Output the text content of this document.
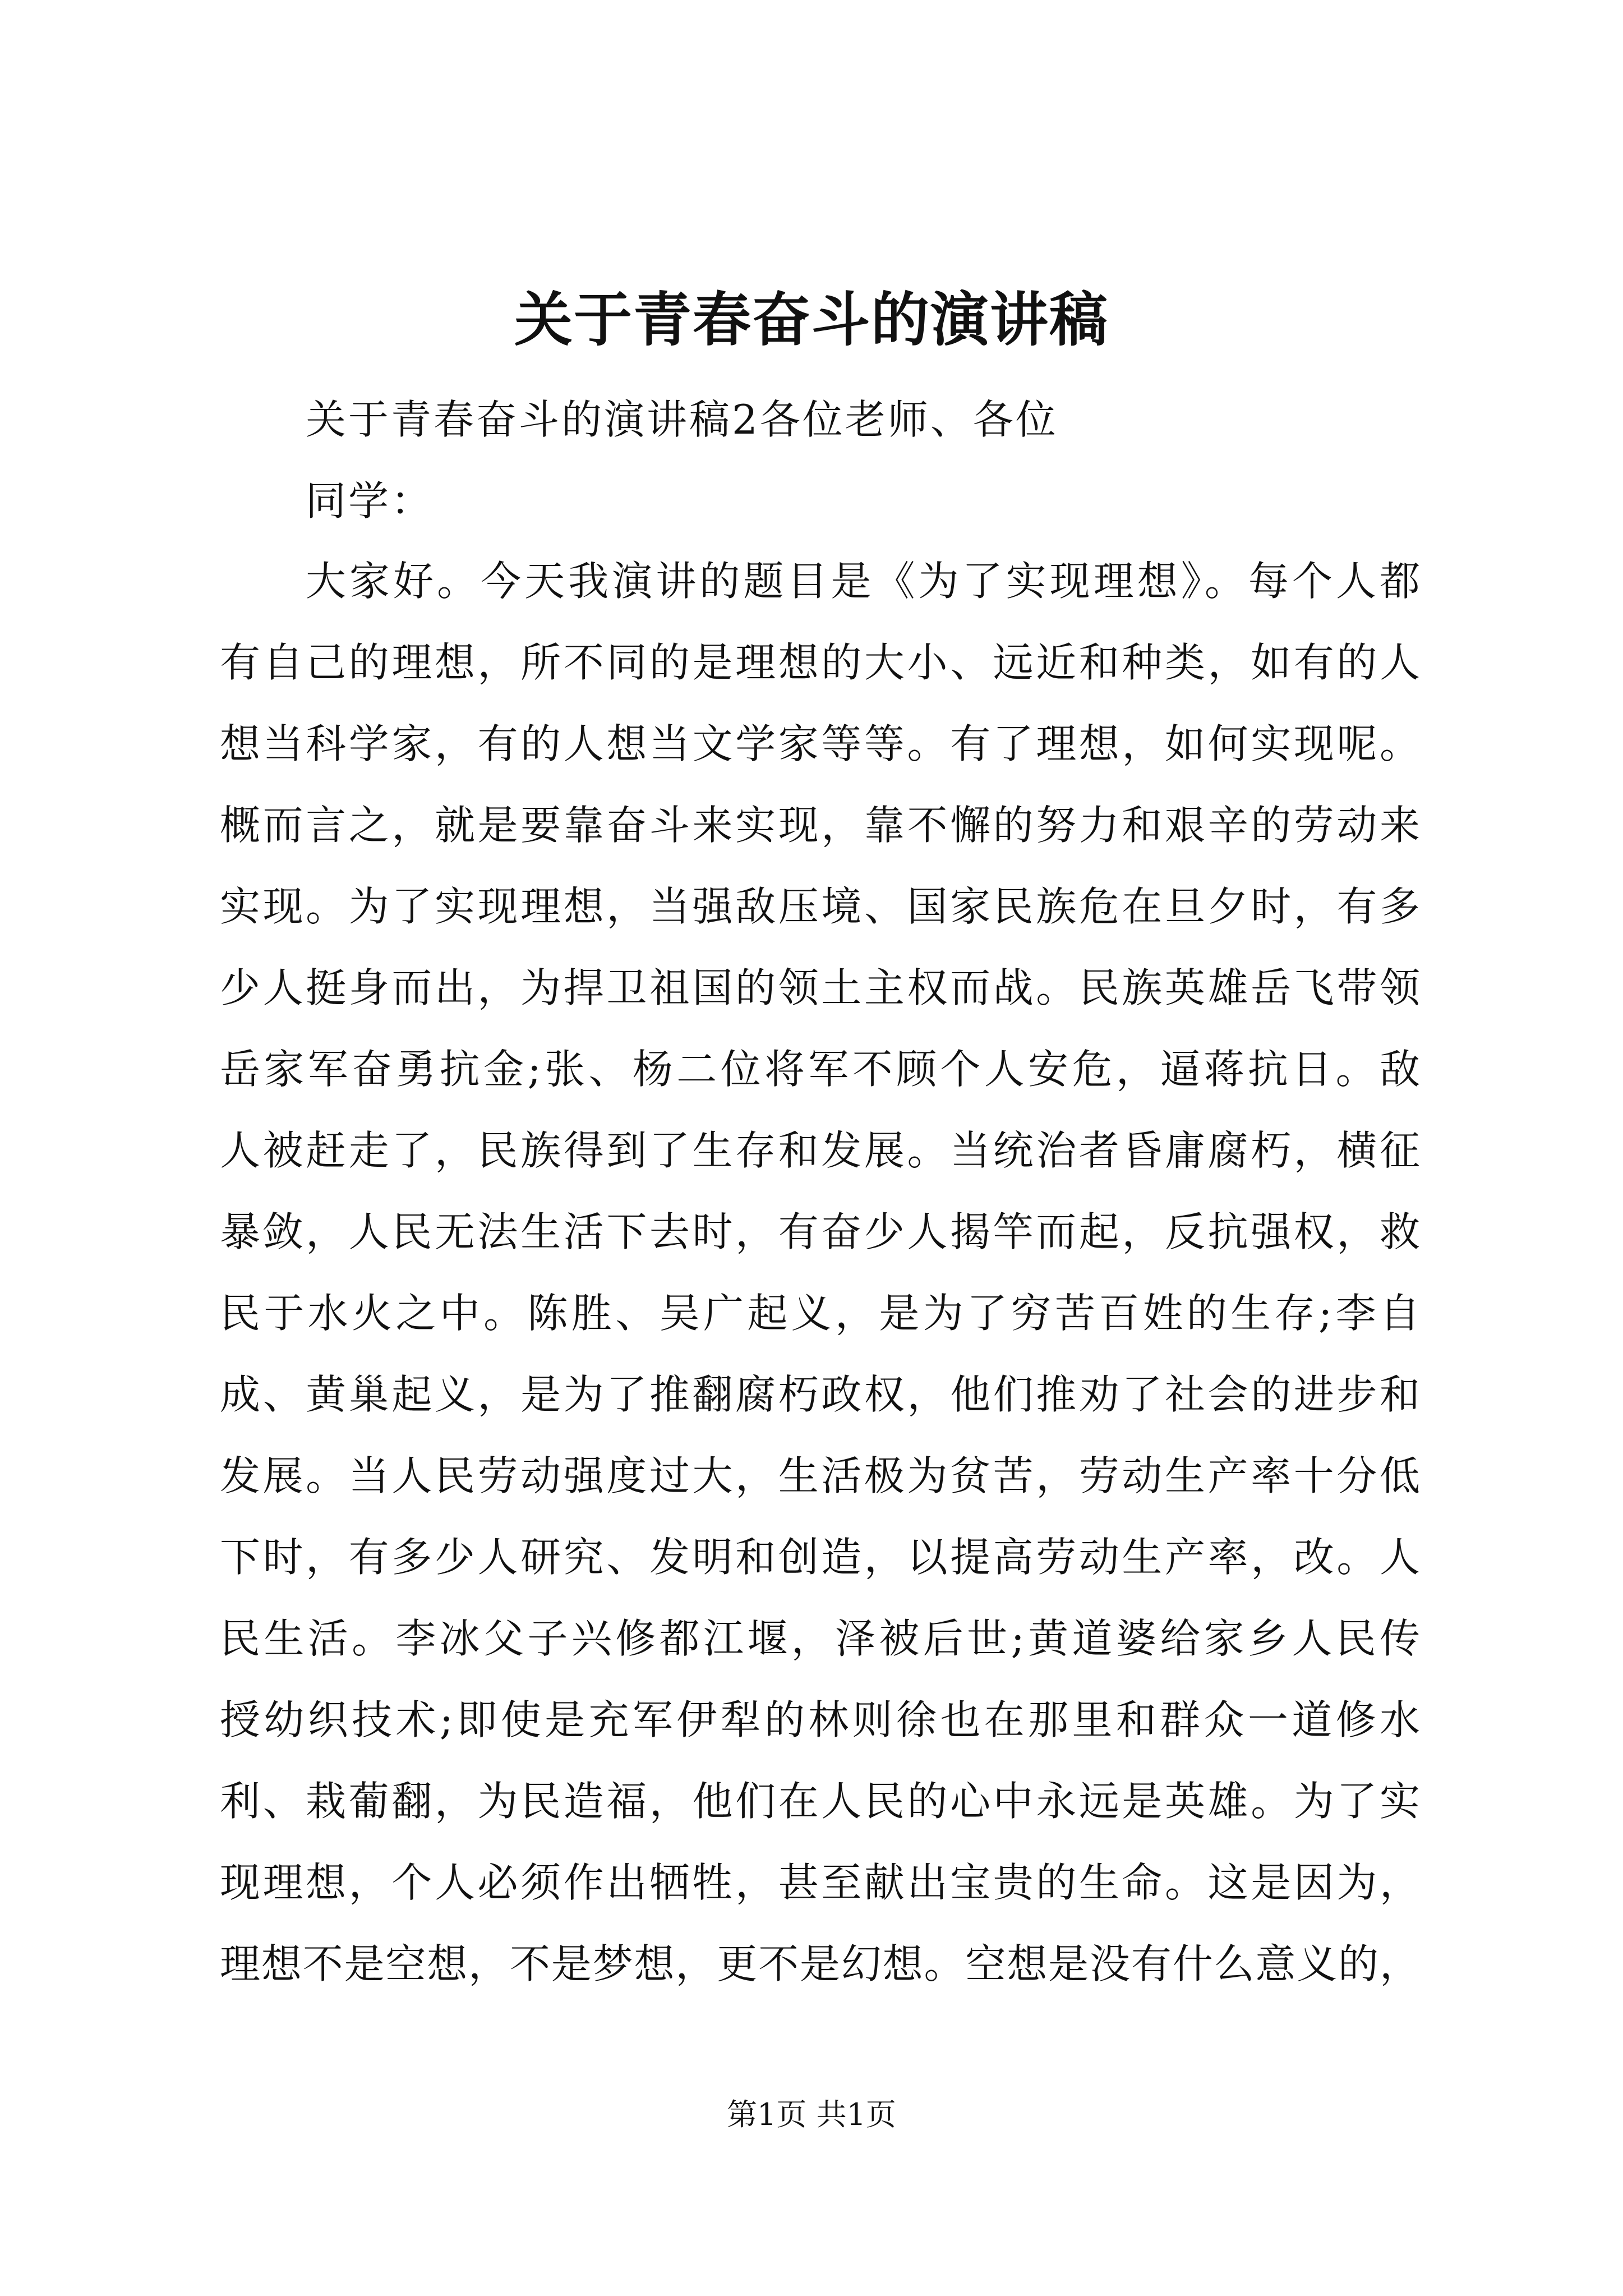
关于青春奋斗的演讲稿
关于青春奋斗的演讲稿2各位老师、各位
同学：
大家好。今天我演讲的题目是《为了实现理想》。每个人都
有自己的理想，所不同的是理想的大小、远近和种类，如有的人
想当科学家，有的人想当文学家等等。有了理想，如何实现呢。
概而言之，就是要靠奋斗来实现，靠不懈的努力和艰辛的劳动来
实现。为了实现理想，当强敌压境、国家民族危在旦夕时，有多
少人挺身而出，为捍卫祖国的领土主权而战。民族英雄岳飞带领
岳家军奋勇抗金;张、杨二位将军不顾个人安危，逼蒋抗日。敌
人被赶走了，民族得到了生存和发展。当统治者昏庸腐朽，横征
暴敛，人民无法生活下去时，有奋少人揭竿而起，反抗强权，救
民于水火之中。陈胜、吴广起义，是为了穷苦百姓的生存;李自
成、黄巢起义，是为了推翻腐朽政权，他们推劝了社会的进步和
发展。当人民劳动强度过大，生活极为贫苦，劳动生产率十分低
下时，有多少人研究、发明和创造，以提高劳动生产率，改。人
民生活。李冰父子兴修都江堰，泽被后世;黄道婆给家乡人民传
授幼织技术;即使是充军伊犁的林则徐也在那里和群众一道修水
利、栽葡翻，为民造福，他们在人民的心中永远是英雄。为了实
现理想，个人必须作出牺牲，甚至献出宝贵的生命。这是因为，
理想不是空想，不是梦想，更不是幻想。空想是没有什么意义的，
第1页 共1页
